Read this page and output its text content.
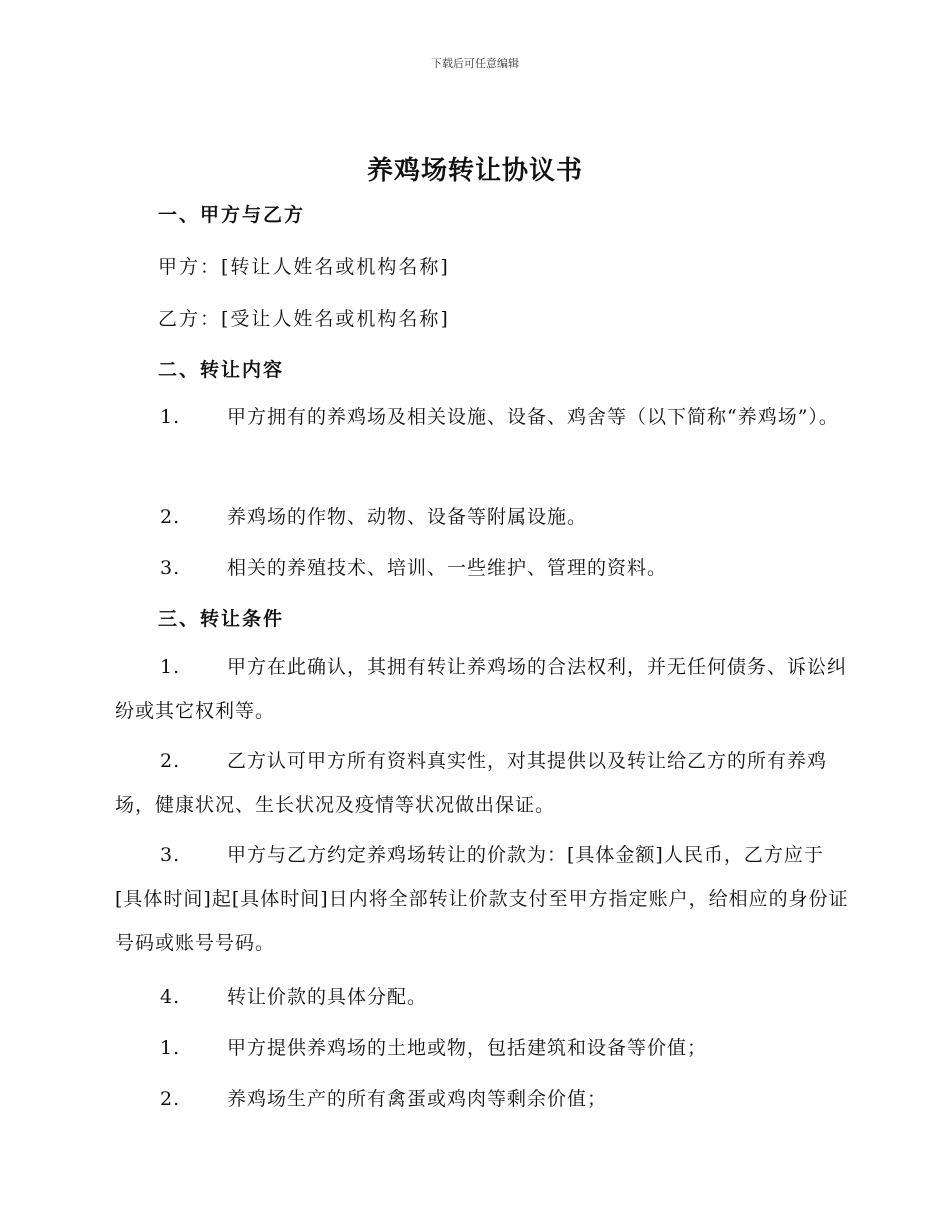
下载后可任意编辑
养鸡场转让协议书
一、甲方与乙方
甲方：[转让人姓名或机构名称]
乙方：[受让人姓名或机构名称]
二、转让内容
1. 甲方拥有的养鸡场及相关设施、设备、鸡舍等（以下简称“养鸡场”）。
2. 养鸡场的作物、动物、设备等附属设施。
3. 相关的养殖技术、培训、一些维护、管理的资料。
三、转让条件
1. 甲方在此确认，其拥有转让养鸡场的合法权利，并无任何债务、诉讼纠纷或其它权利等。
2. 乙方认可甲方所有资料真实性，对其提供以及转让给乙方的所有养鸡场，健康状况、生长状况及疫情等状况做出保证。
3. 甲方与乙方约定养鸡场转让的价款为：[具体金额]人民币，乙方应于[具体时间]起[具体时间]日内将全部转让价款支付至甲方指定账户，给相应的身份证号码或账号号码。
4. 转让价款的具体分配。
1. 甲方提供养鸡场的土地或物，包括建筑和设备等价值；
2. 养鸡场生产的所有禽蛋或鸡肉等剩余价值；
